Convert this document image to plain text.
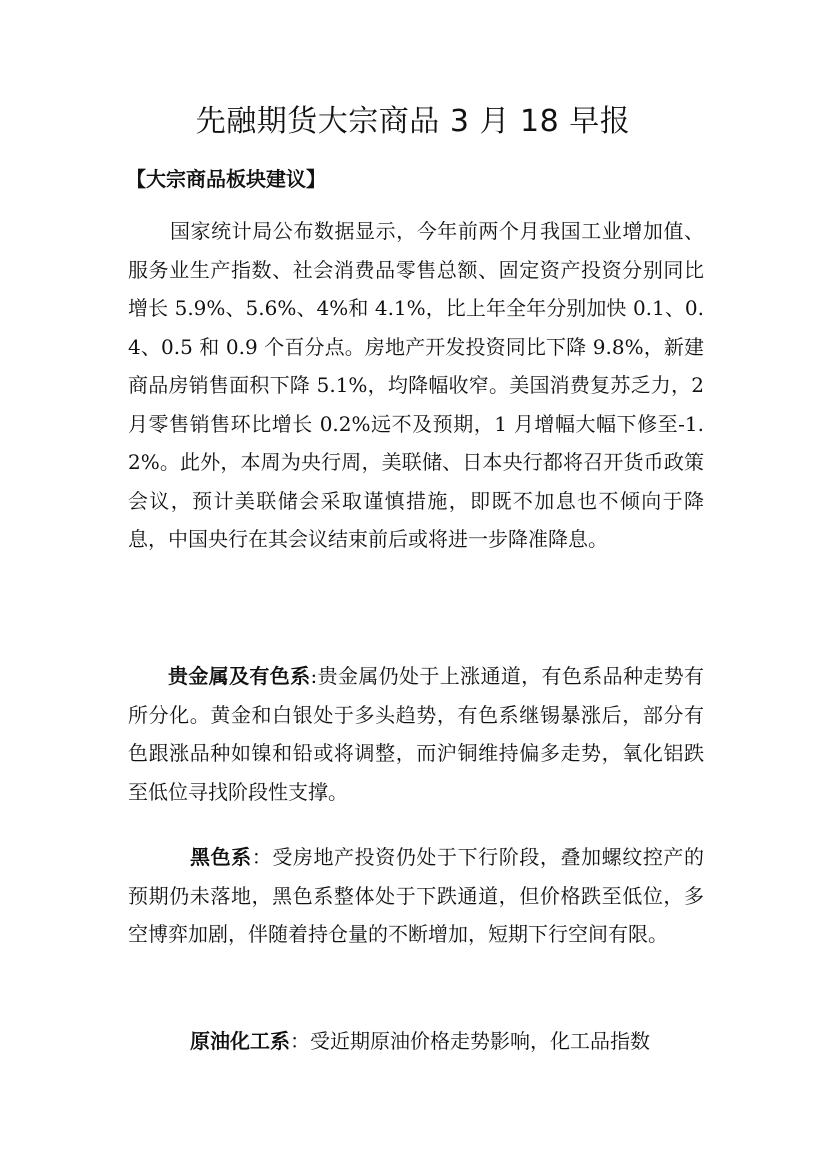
先融期货大宗商品 3 月 18 早报
【大宗商品板块建议】

国家统计局公布数据显示，今年前两个月我国工业增加值、服务业生产指数、社会消费品零售总额、固定资产投资分别同比增长 5.9%、5.6%、4%和 4.1%，比上年全年分别加快 0.1、0.4、0.5 和 0.9 个百分点。房地产开发投资同比下降 9.8%，新建商品房销售面积下降 5.1%，均降幅收窄。美国消费复苏乏力，2 月零售销售环比增长 0.2%远不及预期，1 月增幅大幅下修至-1.2%。此外，本周为央行周，美联储、日本央行都将召开货币政策会议，预计美联储会采取谨慎措施，即既不加息也不倾向于降息，中国央行在其会议结束前后或将进一步降准降息。

贵金属及有色系:贵金属仍处于上涨通道，有色系品种走势有所分化。黄金和白银处于多头趋势，有色系继锡暴涨后，部分有色跟涨品种如镍和铅或将调整，而沪铜维持偏多走势，氧化铝跌至低位寻找阶段性支撑。

黑色系：受房地产投资仍处于下行阶段，叠加螺纹控产的预期仍未落地，黑色系整体处于下跌通道，但价格跌至低位，多空博弈加剧，伴随着持仓量的不断增加，短期下行空间有限。

原油化工系：受近期原油价格走势影响，化工品指数
